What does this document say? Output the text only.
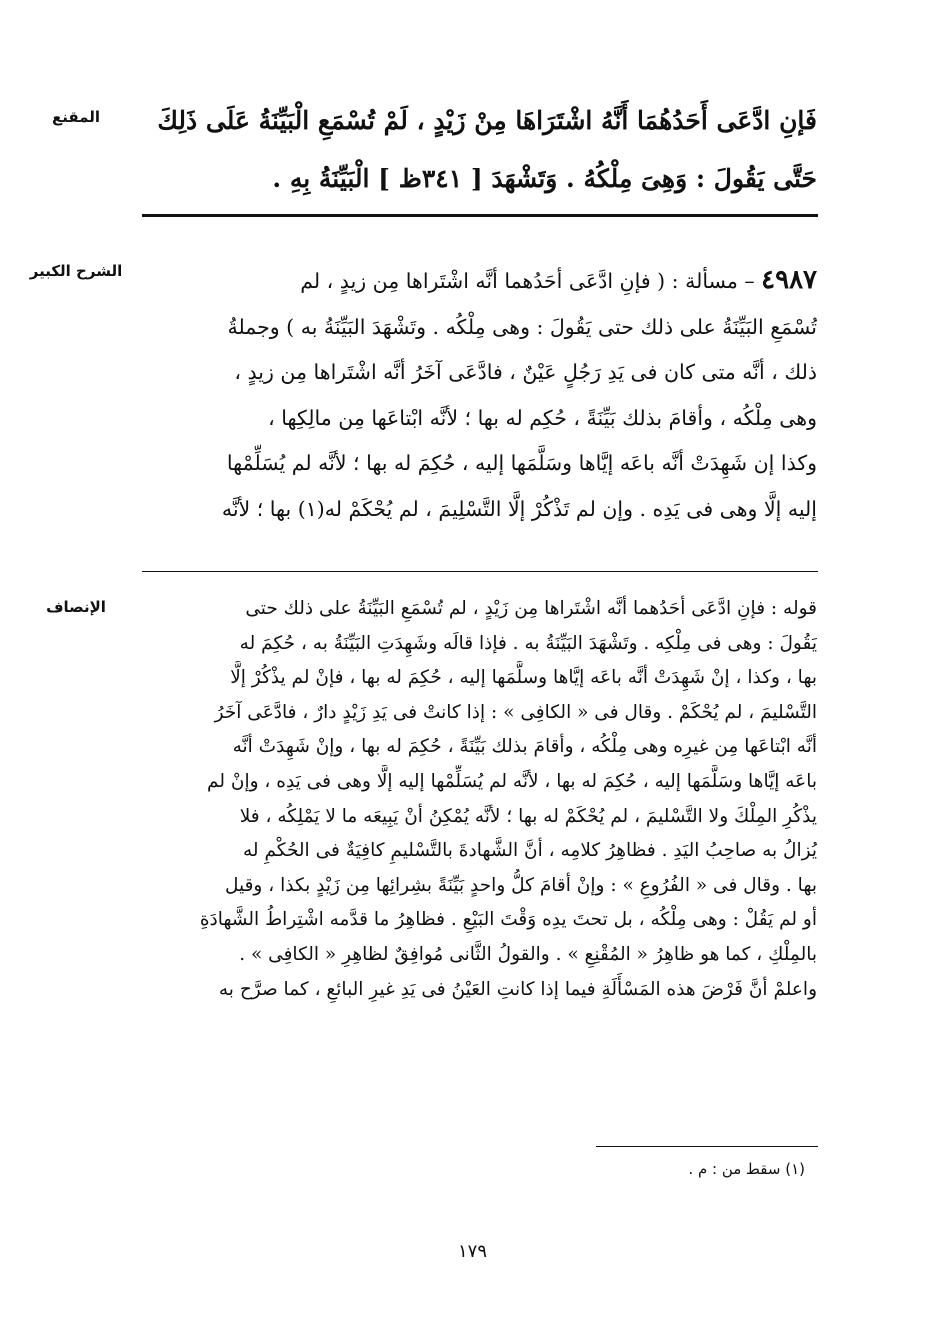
المقنع	فَإنِ ادَّعَى أَحَدُهُمَا أَنَّهُ اشْتَرَاهَا مِنْ زَيْدٍ ، لَمْ تُسْمَعِ الْبَيِّنَةُ عَلَى ذَلِكَ
حَتَّى يَقُولَ : وَهِىَ مِلْكُهُ . وَتَشْهَدَ [ ٣٤١ظ ] الْبَيِّنَةُ بِهِ .
الشرح الكبير	٤٩٨٧ – مسألة : ( فإنِ ادَّعَى أحَدُهما أنَّه اشْتَراها مِن زيدٍ ، لم
تُسْمَعِ البَيِّنَةُ على ذلك حتى يَقُولَ : وهى مِلْكُه . وتَشْهَدَ البَيِّنَةُ به ) وجملةُ
ذلك ، أنَّه متى كان فى يَدِ رَجُلٍ عَيْنٌ ، فادَّعَى آخَرُ أنَّه اشْتَراها مِن زيدٍ ،
وهى مِلْكُه ، وأقامَ بذلك بَيِّنَةً ، حُكِم له بها ؛ لأنَّه ابْتاعَها مِن مالِكِها ،
وكذا إن شَهِدَتْ أنَّه باعَه إيَّاها وسَلَّمَها إليه ، حُكِمَ له بها ؛ لأنَّه لم يُسَلِّمْها
إليه إلَّا وهى فى يَدِه . وإن لم تَذْكُرْ إلَّا التَّسْلِيمَ ، لم يُحْكَمْ له(١) بها ؛ لأنَّه
الإنصاف	قوله : فإنِ ادَّعَى أحَدُهما أنَّه اشْتَراها مِن زَيْدٍ ، لم تُسْمَعِ البَيِّنَةُ على ذلك حتى
يَقُولَ : وهى فى مِلْكِه . وتَشْهَدَ البَيِّنَةُ به . فإذا قالَه وشَهِدَتِ البَيِّنَةُ به ، حُكِمَ له
بها ، وكذا ، إنْ شَهِدَتْ أنَّه باعَه إيَّاها وسلَّمَها إليه ، حُكِمَ له بها ، فإنْ لم يذْكُرْ إلَّا
التَّسْليمَ ، لم يُحْكَمْ . وقال فى « الكافِى » : إذا كانتْ فى يَدِ زَيْدٍ دارٌ ، فادَّعَى آخَرُ
أنَّه ابْتاعَها مِن غيرِه وهى مِلْكُه ، وأقامَ بذلك بَيِّنَةً ، حُكِمَ له بها ، وإنْ شَهِدَتْ أنَّه
باعَه إيَّاها وسَلَّمَها إليه ، حُكِمَ له بها ، لأنَّه لم يُسَلِّمْها إليه إلَّا وهى فى يَدِه ، وإنْ لم
يذْكُرِ المِلْكَ ولا التَّسْليمَ ، لم يُحْكَمْ له بها ؛ لأنَّه يُمْكِنُ أنْ يَبِيعَه ما لا يَمْلِكُه ، فلا
يُزالُ به صاحِبُ اليَدِ . فظاهِرُ كلامِه ، أنَّ الشَّهادةَ بالتَّسْليمِ كافِيَةٌ فى الحُكْمِ له
بها . وقال فى « الفُرُوعِ » : وإنْ أقامَ كلُّ واحدٍ بَيِّنَةً بشِرائِها مِن زَيْدٍ بكذا ، وقيل
أو لم يَقُلْ : وهى مِلْكُه ، بل تحتَ يدِه وَقْتَ البَيْعِ . فظاهِرُ ما قدَّمه اشْتِراطُ الشَّهادَةِ
بالمِلْكِ ، كما هو ظاهِرُ « المُقْنِعِ » . والقولُ الثَّانى مُوافِقٌ لظاهِرِ « الكافِى » .
واعلمْ أنَّ فَرْضَ هذه المَسْأَلَةِ فيما إذا كانتِ العَيْنُ فى يَدِ غيرِ البائعِ ، كما صرَّح به
(١) سقط من : م .
١٧٩
